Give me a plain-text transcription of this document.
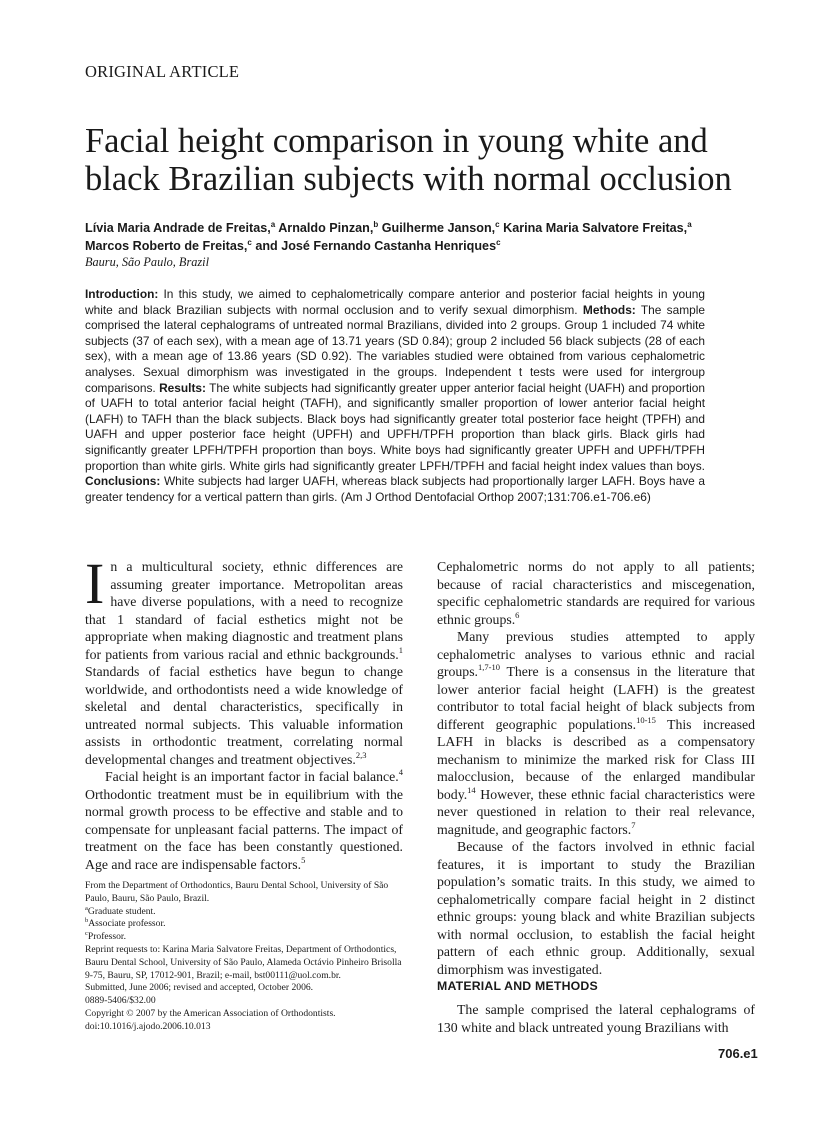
ORIGINAL ARTICLE
Facial height comparison in young white and black Brazilian subjects with normal occlusion
Lívia Maria Andrade de Freitas,$^a$ Arnaldo Pinzan,$^b$ Guilherme Janson,$^c$ Karina Maria Salvatore Freitas,$^a$
Marcos Roberto de Freitas,$^c$ and José Fernando Castanha Henriques$^c$
Bauru, São Paulo, Brazil
Introduction: In this study, we aimed to cephalometrically compare anterior and posterior facial heights in young white and black Brazilian subjects with normal occlusion and to verify sexual dimorphism. Methods: The sample comprised the lateral cephalograms of untreated normal Brazilians, divided into 2 groups. Group 1 included 74 white subjects (37 of each sex), with a mean age of 13.71 years (SD 0.84); group 2 included 56 black subjects (28 of each sex), with a mean age of 13.86 years (SD 0.92). The variables studied were obtained from various cephalometric analyses. Sexual dimorphism was investigated in the groups. Independent t tests were used for intergroup comparisons. Results: The white subjects had significantly greater upper anterior facial height (UAFH) and proportion of UAFH to total anterior facial height (TAFH), and significantly smaller proportion of lower anterior facial height (LAFH) to TAFH than the black subjects. Black boys had significantly greater total posterior face height (TPFH) and UAFH and upper posterior face height (UPFH) and UPFH/TPFH proportion than black girls. Black girls had significantly greater LPFH/TPFH proportion than boys. White boys had significantly greater UPFH and UPFH/TPFH proportion than white girls. White girls had significantly greater LPFH/TPFH and facial height index values than boys. Conclusions: White subjects had larger UAFH, whereas black subjects had proportionally larger LAFH. Boys have a greater tendency for a vertical pattern than girls. (Am J Orthod Dentofacial Orthop 2007;131:706.e1-706.e6)

In a multicultural society, ethnic differences are assuming greater importance. Metropolitan areas have diverse populations, with a need to recognize that 1 standard of facial esthetics might not be appropriate when making diagnostic and treatment plans for patients from various racial and ethnic backgrounds.$^1$ Standards of facial esthetics have begun to change worldwide, and orthodontists need a wide knowledge of skeletal and dental characteristics, specifically in untreated normal subjects. This valuable information assists in orthodontic treatment, correlating normal developmental changes and treatment objectives.$^{2,3}$

Facial height is an important factor in facial balance.$^4$ Orthodontic treatment must be in equilibrium with the normal growth process to be effective and stable and to compensate for unpleasant facial patterns. The impact of treatment on the face has been constantly questioned. Age and race are indispensable factors.$^5$

From the Department of Orthodontics, Bauru Dental School, University of São Paulo, Bauru, São Paulo, Brazil.
$^a$Graduate student.
$^b$Associate professor.
$^c$Professor.
Reprint requests to: Karina Maria Salvatore Freitas, Department of Orthodontics, Bauru Dental School, University of São Paulo, Alameda Octávio Pinheiro Brisolla 9-75, Bauru, SP, 17012-901, Brazil; e-mail, bst00111@uol.com.br.
Submitted, June 2006; revised and accepted, October 2006.
0889-5406/$32.00
Copyright © 2007 by the American Association of Orthodontists.
doi:10.1016/j.ajodo.2006.10.013

Cephalometric norms do not apply to all patients; because of racial characteristics and miscegenation, specific cephalometric standards are required for various ethnic groups.$^6$

Many previous studies attempted to apply cephalometric analyses to various ethnic and racial groups.$^{1,7-10}$ There is a consensus in the literature that lower anterior facial height (LAFH) is the greatest contributor to total facial height of black subjects from different geographic populations.$^{10-15}$ This increased LAFH in blacks is described as a compensatory mechanism to minimize the marked risk for Class III malocclusion, because of the enlarged mandibular body.$^{14}$ However, these ethnic facial characteristics were never questioned in relation to their real relevance, magnitude, and geographic factors.$^7$

Because of the factors involved in ethnic facial features, it is important to study the Brazilian population’s somatic traits. In this study, we aimed to cephalometrically compare facial height in 2 distinct ethnic groups: young black and white Brazilian subjects with normal occlusion, to establish the facial height pattern of each ethnic group. Additionally, sexual dimorphism was investigated.

MATERIAL AND METHODS

The sample comprised the lateral cephalograms of 130 white and black untreated young Brazilians with

706.e1
